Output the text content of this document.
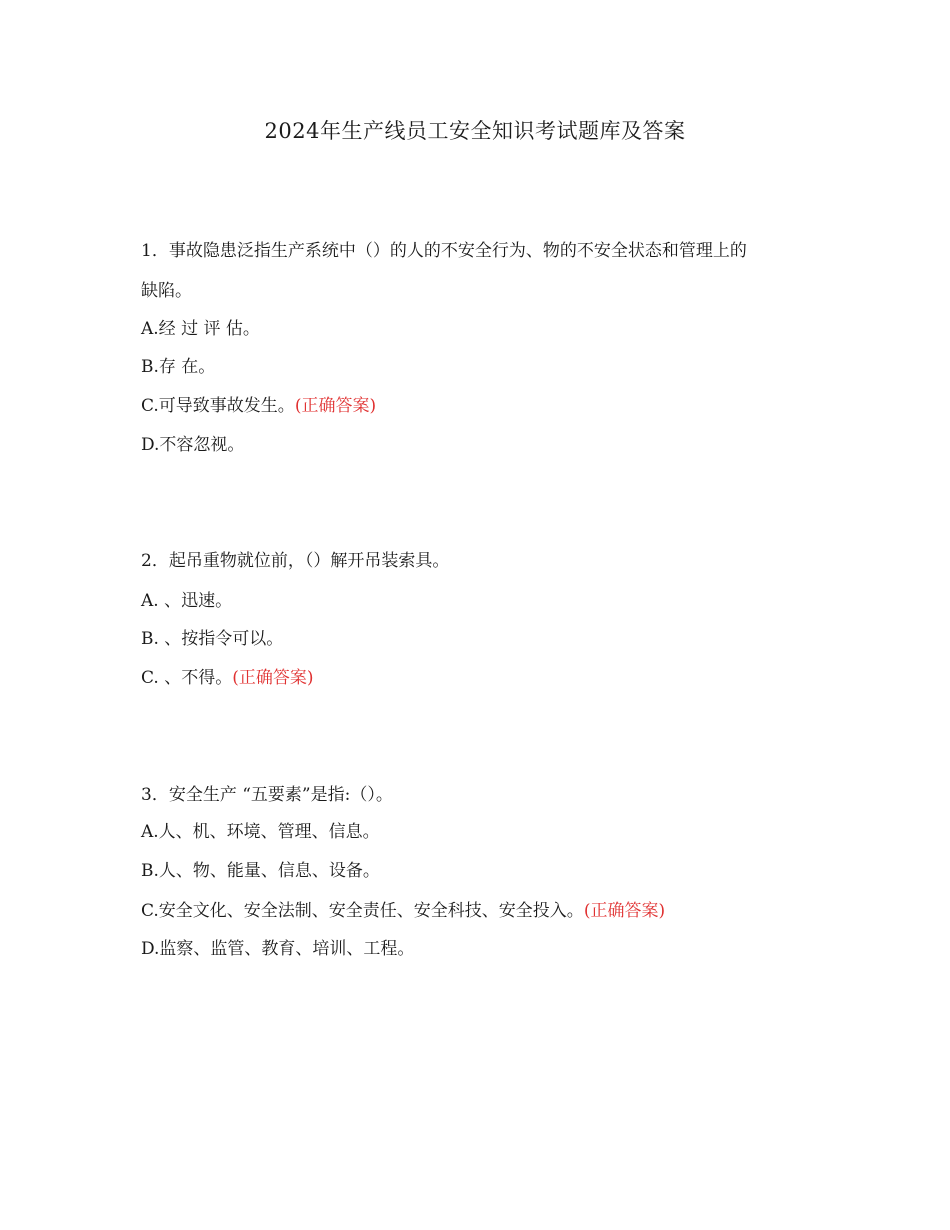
2024年生产线员工安全知识考试题库及答案
1．事故隐患泛指生产系统中（）的人的不安全行为、物的不安全状态和管理上的
缺陷。
A.经 过 评 估。
B.存 在。
C.可导致事故发生。(正确答案)
D.不容忽视。
2．起吊重物就位前，（）解开吊装索具。
A. 、迅速。
B. 、按指令可以。
C. 、不得。(正确答案)
3．安全生产 “五要素”是指:（）。
A.人、机、环境、管理、信息。
B.人、物、能量、信息、设备。
C.安全文化、安全法制、安全责任、安全科技、安全投入。(正确答案)
D.监察、监管、教育、培训、工程。
